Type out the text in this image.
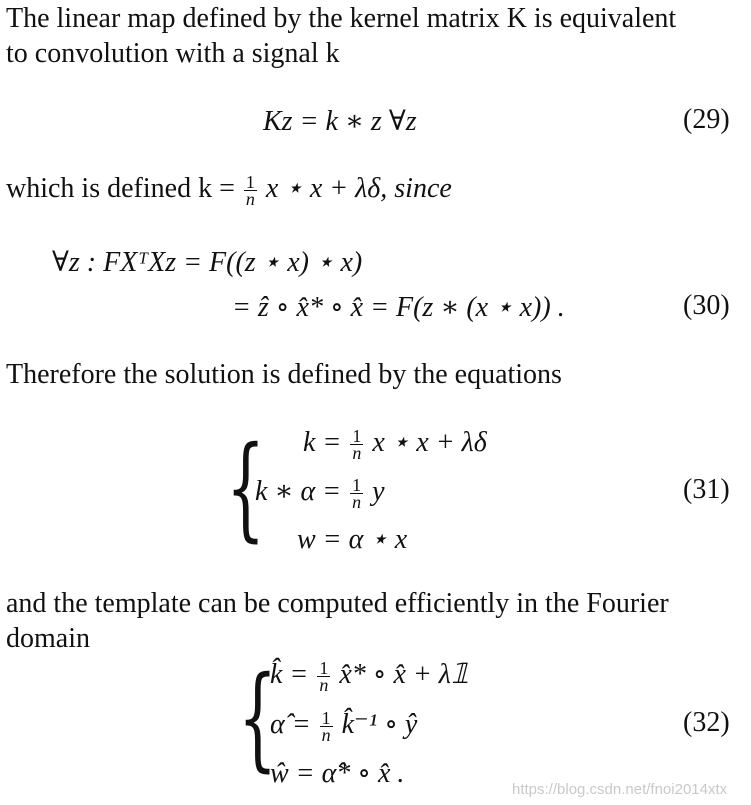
The linear map defined by the kernel matrix K is equivalent
to convolution with a signal k
Kz = k ∗ z ∀z	(29)
which is defined $k = \frac{1}{n}$ x ⋆ x + λδ, since
∀z : FXᵀXz = F((z ⋆ x) ⋆ x)
= ẑ ∘ x̂* ∘ x̂ = F(z ∗ (x ⋆ x)) .	(30)
Therefore the solution is defined by the equations
{ $k = \frac{1}{n}$ x ⋆ x + λδ
k ∗ $\alpha = \frac{1}{n}$ y
w = α ⋆ x
(31)
and the template can be computed efficiently in the Fourier
domain
{
k̂ = $\frac{1}{n}$ x̂* ∘ x̂ + λ𝟙
α̂ = $\frac{1}{n}$ k̂⁻¹ ∘ ŷ
ŵ = α̂* ∘ x̂ .
(32)
https://blog.csdn.net/fnoi2014xtx
